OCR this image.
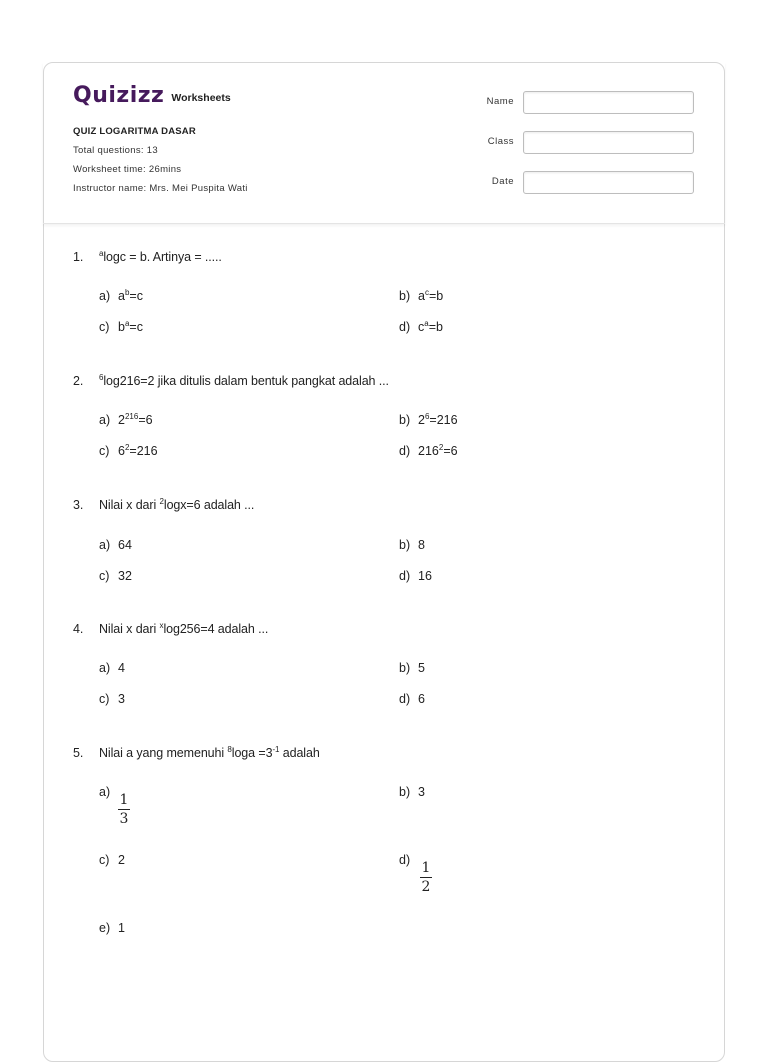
Quizizz Worksheets
QUIZ LOGARITMA DASAR
Total questions: 13
Worksheet time: 26mins
Instructor name: Mrs. Mei Puspita Wati
Name
Class
Date
1. $^a$logc = b. Artinya = .....
a) $a^b=c$	b) $a^c=b$
c) $b^a=c$	d) $c^a=b$
2. $^6$log216=2 jika ditulis dalam bentuk pangkat adalah ...
a) $2^{216}=6$	b) $2^6=216$
c) $6^2=216$	d) $216^2=6$
3. Nilai x dari $^2$logx=6 adalah ...
a) 64	b) 8
c) 32	d) 16
4. Nilai x dari $^x$log256=4 adalah ...
a) 4	b) 5
c) 3	d) 6
5. Nilai a yang memenuhi $^8\log a =3^{-1}$ adalah
a) 1
3
b) 3
c) 2	d) 1
2
e) 1
